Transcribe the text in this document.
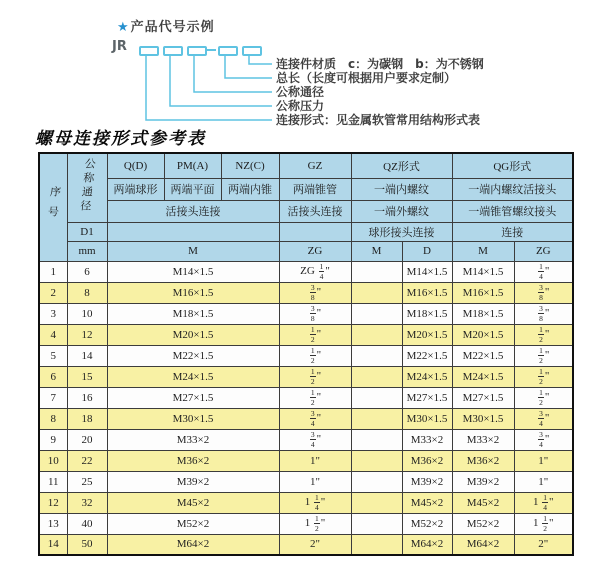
★产品代号示例
JR
连接件材质　c：为碳钢　b：为不锈钢
总长（长度可根据用户要求定制）
公称通径
公称压力
连接形式：见金属软管常用结构形式表
螺母连接形式参考表
序号	公称通径	Q(D)	PM(A)	NZ(C)	GZ	QZ形式		QG形式	
		两端球形	两端平面	两端内锥	两端锥管	一端内螺纹		一端内螺纹活接头	
		活接头连接			活接头连接	一端外螺纹		一端锥管螺纹接头	
	D1					球形接头连接		连接	
	mm	M			ZG	M	D	M	ZG
1	6	M14×1.5			ZG $\frac{1}{4}$ "		M14×1.5	M14×1.5	$\frac{1}{4}$ "
2	8	M16×1.5			$\frac{3}{8}$ "		M16×1.5	M16×1.5	$\frac{3}{8}$ "
3	10	M18×1.5			$\frac{3}{8}$ "		M18×1.5	M18×1.5	$\frac{3}{8}$ "
4	12	M20×1.5			$\frac{1}{2}$ "		M20×1.5	M20×1.5	$\frac{1}{2}$ "
5	14	M22×1.5			$\frac{1}{2}$ "		M22×1.5	M22×1.5	$\frac{1}{2}$ "
6	15	M24×1.5			$\frac{1}{2}$ "		M24×1.5	M24×1.5	$\frac{1}{2}$ "
7	16	M27×1.5			$\frac{1}{2}$ "		M27×1.5	M27×1.5	$\frac{1}{2}$ "
8	18	M30×1.5			$\frac{3}{4}$ "		M30×1.5	M30×1.5	$\frac{3}{4}$ "
9	20	M33×2			$\frac{3}{4}$ "		M33×2	M33×2	$\frac{3}{4}$ "
10	22	M36×2			1"		M36×2	M36×2	1"
11	25	M39×2			1"		M39×2	M39×2	1"
12	32	M45×2			$1 \frac{1}{4}$ "		M45×2	M45×2	$1 \frac{1}{4}$ "
13	40	M52×2			$1 \frac{1}{2}$ "		M52×2	M52×2	$1 \frac{1}{2}$ "
14	50	M64×2			2"		M64×2	M64×2	2"
